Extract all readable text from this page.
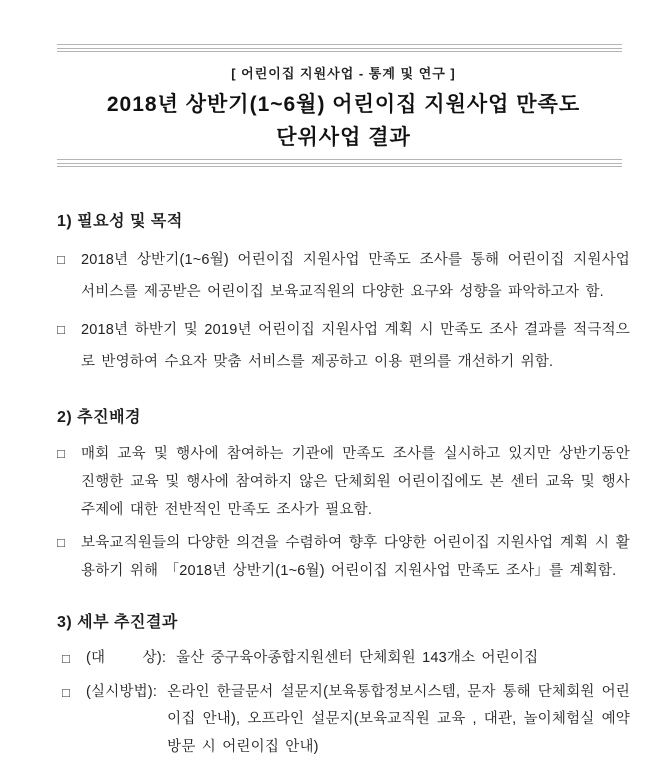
[ 어린이집 지원사업 - 통계 및 연구 ]
2018년 상반기(1~6월) 어린이집 지원사업 만족도
단위사업 결과
1) 필요성 및 목적

□	2018년 상반기(1~6월) 어린이집 지원사업 만족도 조사를 통해 어린이집 지원사업 서비스를 제공받은 어린이집 보육교직원의 다양한 요구와 성향을 파악하고자 함.

□	2018년 하반기 및 2019년 어린이집 지원사업 계획 시 만족도 조사 결과를 적극적으로 반영하여 수요자 맞춤 서비스를 제공하고 이용 편의를 개선하기 위함.

2) 추진배경

□	매회 교육 및 행사에 참여하는 기관에 만족도 조사를 실시하고 있지만 상반기동안 진행한 교육 및 행사에 참여하지 않은 단체회원 어린이집에도 본 센터 교육 및 행사 주제에 대한 전반적인 만족도 조사가 필요함.

□	보육교직원들의 다양한 의견을 수렴하여 향후 다양한 어린이집 지원사업 계획 시 활용하기 위해 「2018년 상반기(1~6월) 어린이집 지원사업 만족도 조사」를 계획함.

3) 세부 추진결과

□	(대      상): 울산 중구육아종합지원센터 단체회원 143개소 어린이집

□	(실시방법): 온라인 한글문서 설문지(보육통합정보시스템, 문자 통해 단체회원 어린이집 안내), 오프라인 설문지(보육교직원 교육 , 대관, 놀이체험실 예약방문 시 어린이집 안내)
